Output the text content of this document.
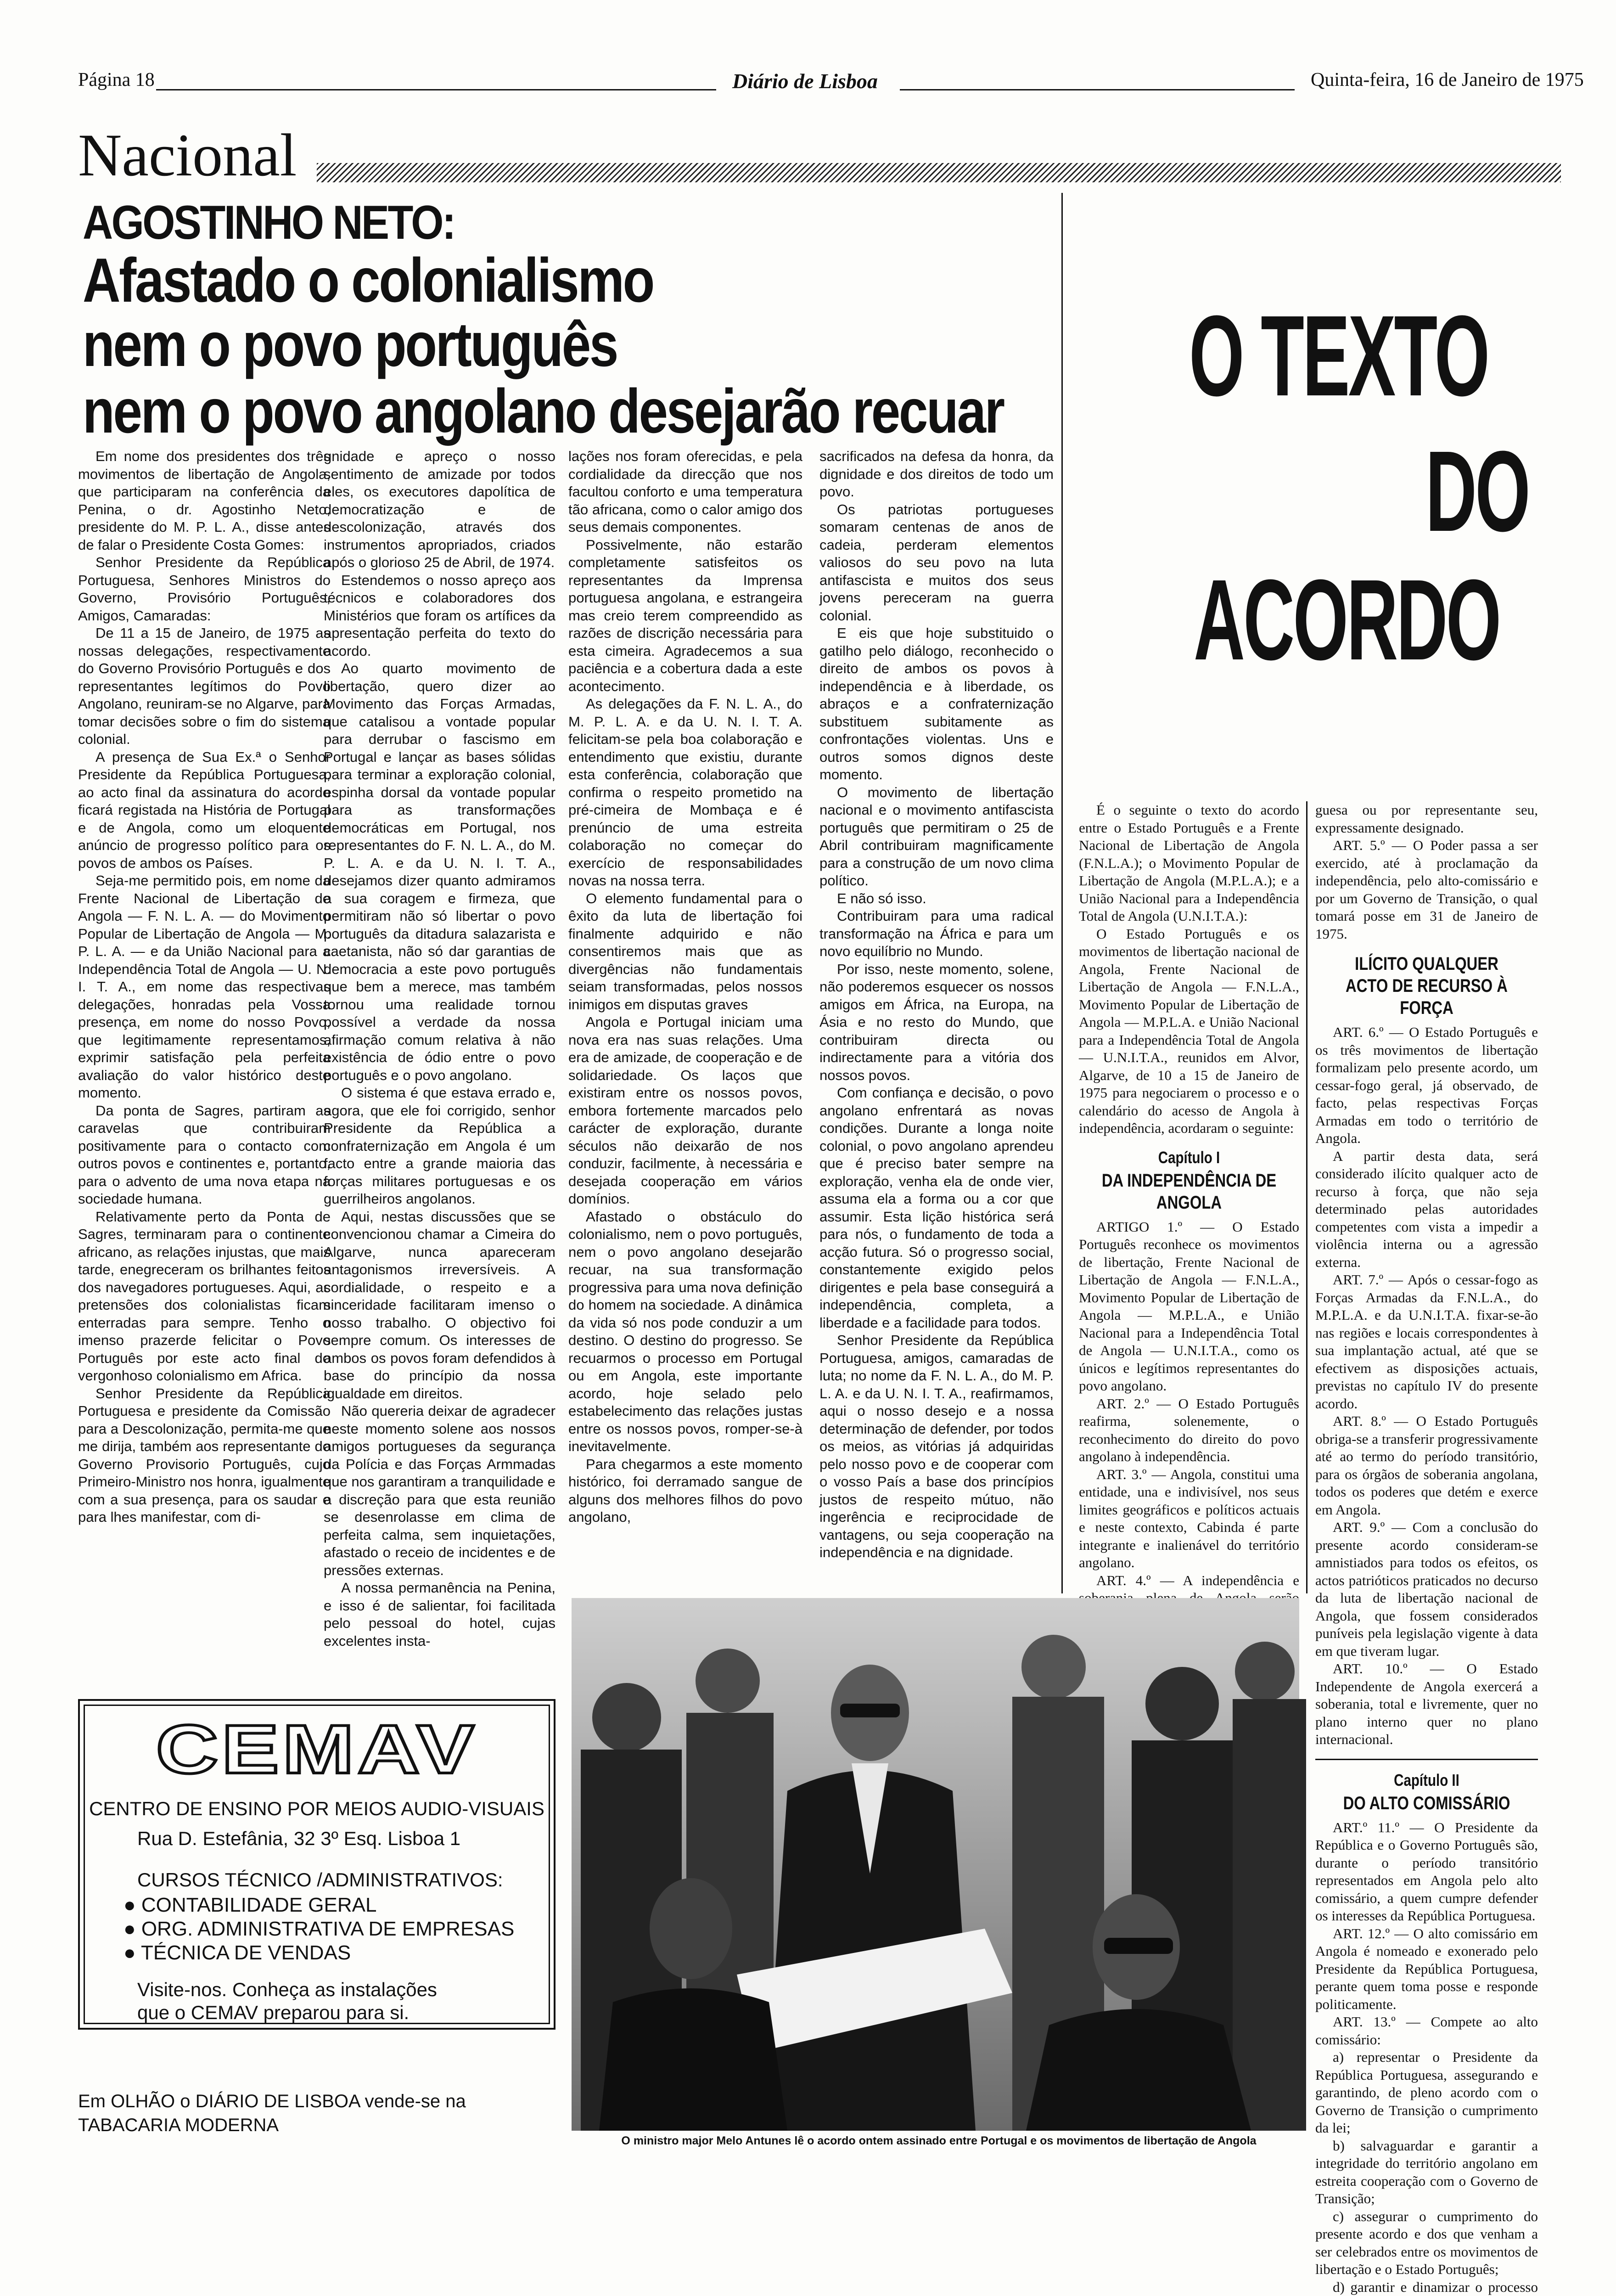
Página 18	Diário de Lisboa	Quinta-feira, 16 de Janeiro de 1975
Nacional
AGOSTINHO NETO:
Afastado o colonialismo
nem o povo português
nem o povo angolano desejarão recuar

Em nome dos presidentes dos três movimentos de libertação de Angola, que participaram na conferência da Penina, o dr. Agostinho Neto, presidente do M. P. L. A., disse antes de falar o Presidente Costa Gomes:

Senhor Presidente da República Portuguesa, Senhores Ministros do Governo, Provisório Português, Amigos, Camaradas:

De 11 a 15 de Janeiro, de 1975 as nossas delegações, respectivamente do Governo Provisório Português e dos representantes legítimos do Povo Angolano, reuniram-se no Algarve, para tomar decisões sobre o fim do sistema colonial.

A presença de Sua Ex.ª o Senhor Presidente da República Portuguesa, ao acto final da assinatura do acordo ficará registada na História de Portugal e de Angola, como um eloquente anúncio de progresso político para os povos de ambos os Países.

Seja-me permitido pois, em nome da Frente Nacional de Libertação de Angola — F. N. L. A. — do Movimento Popular de Libertação de Angola — M. P. L. A. — e da União Nacional para a Independência Total de Angola — U. N. I. T. A., em nome das respectivas delegações, honradas pela Vossa presença, em nome do nosso Povo, que legitimamente representamos, exprimir satisfação pela perfeita avaliação do valor histórico deste momento.

Da ponta de Sagres, partiram as caravelas que contribuiram positivamente para o contacto com outros povos e continentes e, portanto, para o advento de uma nova etapa na sociedade humana.

Relativamente perto da Ponta de Sagres, terminaram para o continente africano, as relações injustas, que mais tarde, enegreceram os brilhantes feitos dos navegadores portugueses. Aqui, as pretensões dos colonialistas ficam enterradas para sempre. Tenho o imenso prazerde felicitar o Povo Português por este acto final do vergonhoso colonialismo em Africa.

Senhor Presidente da República Portuguesa e presidente da Comissão para a Descolonização, permita-me que me dirija, também aos representante do Governo Provisorio Português, cujo Primeiro-Ministro nos honra, igualmente com a sua presença, para os saudar e para lhes manifestar, com di-

gnidade e apreço o nosso sentimento de amizade por todos eles, os executores dapolítica de democratização e de descolonização, através dos instrumentos apropriados, criados após o glorioso 25 de Abril, de 1974.

Estendemos o nosso apreço aos técnicos e colaboradores dos Ministérios que foram os artífices da apresentação perfeita do texto do acordo.

Ao quarto movimento de libertação, quero dizer ao Movimento das Forças Armadas, que catalisou a vontade popular para derrubar o fascismo em Portugal e lançar as bases sólidas para terminar a exploração colonial, espinha dorsal da vontade popular para as transformações democráticas em Portugal, nos representantes do F. N. L. A., do M. P. L. A. e da U. N. I. T. A., desejamos dizer quanto admiramos a sua coragem e firmeza, que permitiram não só libertar o povo português da ditadura salazarista e caetanista, não só dar garantias de democracia a este povo português que bem a merece, mas também tornou uma realidade tornou possível a verdade da nossa afirmação comum relativa à não existência de ódio entre o povo português e o povo angolano.

O sistema é que estava errado e, agora, que ele foi corrigido, senhor Presidente da República a confraternização em Angola é um facto entre a grande maioria das forças militares portuguesas e os guerrilheiros angolanos.

Aqui, nestas discussões que se convencionou chamar a Cimeira do Algarve, nunca apareceram antagonismos irreversíveis. A cordialidade, o respeito e a sinceridade facilitaram imenso o nosso trabalho. O objectivo foi sempre comum. Os interesses de ambos os povos foram defendidos à base do princípio da nossa igualdade em direitos.

Não quereria deixar de agradecer neste momento solene aos nossos amigos portugueses da segurança da Polícia e das Forças Armmadas que nos garantiram a tranquilidade e a discreção para que esta reunião se desenrolasse em clima de perfeita calma, sem inquietações, afastado o receio de incidentes e de pressões externas.

A nossa permanência na Penina, e isso é de salientar, foi facilitada pelo pessoal do hotel, cujas excelentes insta-

lações nos foram oferecidas, e pela cordialidade da direcção que nos facultou conforto e uma temperatura tão africana, como o calor amigo dos seus demais componentes.

Possivelmente, não estarão completamente satisfeitos os representantes da Imprensa portuguesa angolana, e estrangeira mas creio terem compreendido as razões de discrição necessária para esta cimeira. Agradecemos a sua paciência e a cobertura dada a este acontecimento.

As delegações da F. N. L. A., do M. P. L. A. e da U. N. I. T. A. felicitam-se pela boa colaboração e entendimento que existiu, durante esta conferência, colaboração que confirma o respeito prometido na pré-cimeira de Mombaça e é prenúncio de uma estreita colaboração no começar do exercício de responsabilidades novas na nossa terra.

O elemento fundamental para o êxito da luta de libertação foi finalmente adquirido e não consentiremos mais que as divergências não fundamentais seiam transformadas, pelos nossos inimigos em disputas graves

Angola e Portugal iniciam uma nova era nas suas relações. Uma era de amizade, de cooperação e de solidariedade. Os laços que existiram entre os nossos povos, embora fortemente marcados pelo carácter de exploração, durante séculos não deixarão de nos conduzir, facilmente, à necessária e desejada cooperação em vários domínios.

Afastado o obstáculo do colonialismo, nem o povo português, nem o povo angolano desejarão recuar, na sua transformação progressiva para uma nova definição do homem na sociedade. A dinâmica da vida só nos pode conduzir a um destino. O destino do progresso. Se recuarmos o processo em Portugal ou em Angola, este importante acordo, hoje selado pelo estabelecimento das relações justas entre os nossos povos, romper-se-à inevitavelmente.

Para chegarmos a este momento histórico, foi derramado sangue de alguns dos melhores filhos do povo angolano,

sacrificados na defesa da honra, da dignidade e dos direitos de todo um povo.

Os patriotas portugueses somaram centenas de anos de cadeia, perderam elementos valiosos do seu povo na luta antifascista e muitos dos seus jovens pereceram na guerra colonial.

E eis que hoje substituido o gatilho pelo diálogo, reconhecido o direito de ambos os povos à independência e à liberdade, os abraços e a confraternização substituem subitamente as confrontações violentas. Uns e outros somos dignos deste momento.

O movimento de libertação nacional e o movimento antifascista português que permitiram o 25 de Abril contribuiram magnificamente para a construção de um novo clima político.

E não só isso.

Contribuiram para uma radical transformação na África e para um novo equilíbrio no Mundo.

Por isso, neste momento, solene, não poderemos esquecer os nossos amigos em África, na Europa, na Ásia e no resto do Mundo, que contribuiram directa ou indirectamente para a vitória dos nossos povos.

Com confiança e decisão, o povo angolano enfrentará as novas condições. Durante a longa noite colonial, o povo angolano aprendeu que é preciso bater sempre na exploração, venha ela de onde vier, assuma ela a forma ou a cor que assumir. Esta lição histórica será para nós, o fundamento de toda a acção futura. Só o progresso social, constantemente exigido pelos dirigentes e pela base conseguirá a independência, completa, a liberdade e a facilidade para todos.

Senhor Presidente da República Portuguesa, amigos, camaradas de luta; no nome da F. N. L. A., do M. P. L. A. e da U. N. I. T. A., reafirmamos, aqui o nosso desejo e a nossa determinação de defender, por todos os meios, as vitórias já adquiridas pelo nosso povo e de cooperar com o vosso País a base dos princípios justos de respeito mútuo, não ingerência e reciprocidade de vantagens, ou seja cooperação na independência e na dignidade.

O TEXTO
DO
ACORDO

É o seguinte o texto do acordo entre o Estado Português e a Frente Nacional de Libertação de Angola (F.N.L.A.); o Movimento Popular de Libertação de Angola (M.P.L.A.); e a União Nacional para a Independência Total de Angola (U.N.I.T.A.):

O Estado Português e os movimentos de libertação nacional de Angola, Frente Nacional de Libertação de Angola — F.N.L.A., Movimento Popular de Libertação de Angola — M.P.L.A. e União Nacional para a Independência Total de Angola — U.N.I.T.A., reunidos em Alvor, Algarve, de 10 a 15 de Janeiro de 1975 para negociarem o processo e o calendário do acesso de Angola à independência, acordaram o seguinte:

Capítulo I
DA INDEPENDÊNCIA DE ANGOLA

ARTIGO 1.º — O Estado Português reconhece os movimentos de libertação, Frente Nacional de Libertação de Angola — F.N.L.A., Movimento Popular de Libertação de Angola — M.P.L.A., e União Nacional para a Independência Total de Angola — U.N.I.T.A., como os únicos e legítimos representantes do povo angolano.

ART. 2.º — O Estado Português reafirma, solenemente, o reconhecimento do direito do povo angolano à independência.

ART. 3.º — Angola, constitui uma entidade, una e indivisível, nos seus limites geográficos e políticos actuais e neste contexto, Cabinda é parte integrante e inalienável do território angolano.

ART. 4.º — A independência e

guesa ou por representante seu, expressamente designado.

ART. 5.º — O Poder passa a ser exercido, até à proclamação da independência, pelo alto-comissário e por um Governo de Transição, o qual tomará posse em 31 de Janeiro de 1975.

ILÍCITO QUALQUER ACTO DE RECURSO À FORÇA

ART. 6.º — O Estado Português e os três movimentos de libertação formalizam pelo presente acordo, um cessar-fogo geral, já observado, de facto, pelas respectivas Forças Armadas em todo o território de Angola.

A partir desta data, será considerado ilícito qualquer acto de recurso à força, que não seja determinado pelas autoridades competentes com vista a impedir a violência interna ou a agressão externa.

ART. 7.º — Após o cessar-fogo as Forças Armadas da F.N.L.A., do M.P.L.A. e da U.N.I.T.A. fixar-se-ão nas regiões e locais correspondentes à sua implantação actual, até que se efectivem as disposições actuais, previstas no capítulo IV do presente acordo.

ART. 8.º — O Estado Português obriga-se a transferir progressivamente até ao termo do período transitório, para os órgãos de soberania angolana, todos os poderes que detém e exerce em Angola.

ART. 9.º — Com a conclusão do presente acordo consideram-se amnistiados para todos os efeitos, os actos patrióticos praticados no decurso da luta de libertação nacional de Angola, que fossem considerados puníveis pela legislação vigente à data em que tiveram lugar.

ART. 10.º — O Estado Independente de Angola exercerá a soberania, total e livremente, quer no plano interno quer no plano internacional.

Capítulo II
DO ALTO COMISSÁRIO

ART.º 11.º — O Presidente da República e o Governo Português são, durante o período transitório representados em Angola pelo alto comissário, a quem cumpre defender os interesses da República Portuguesa.

ART. 12.º — O alto comissário em Angola é nomeado e exonerado pelo Presidente da República Portuguesa, perante quem toma posse e responde politicamente.

ART. 13.º — Compete ao alto comissário:

a) representar o Presidente da República Portuguesa, assegurando e garantindo, de pleno acordo com o Governo de Transição o cumprimento da lei;

b) salvaguardar e garantir a integridade do território angolano em estreita cooperação com o Governo de Transição;

c) assegurar o cumprimento do presente acordo e dos que venham a ser celebrados entre os movimentos de libertação e o Estado Português;

d) garantir e dinamizar o processo

CEMAV
CENTRO DE ENSINO POR MEIOS AUDIO-VISUAIS
Rua D. Estefânia, 32 3º Esq. Lisboa 1
CURSOS TÉCNICO /ADMINISTRATIVOS:
● CONTABILIDADE GERAL
● ORG. ADMINISTRATIVA DE EMPRESAS
● TÉCNICA DE VENDAS
Visite-nos. Conheça as instalações
que o CEMAV preparou para si.
Em OLHÃO o DIÁRIO DE LISBOA vende-se na TABACARIA MODERNA
O ministro major Melo Antunes lê o acordo ontem assinado entre Portugal e os movimentos de libertação de Angola
